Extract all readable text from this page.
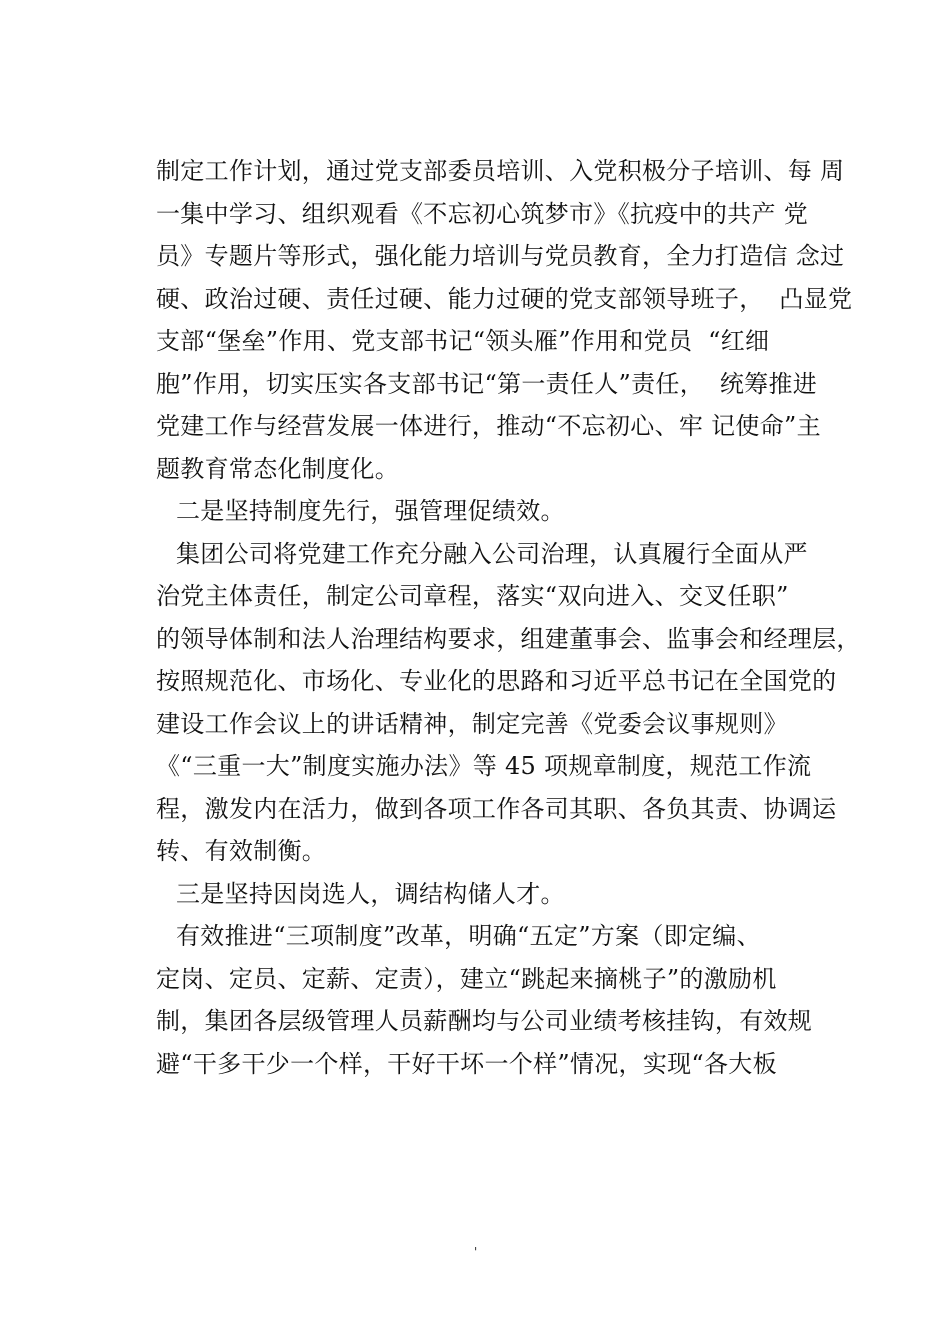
制定工作计划，通过党支部委员培训、入党积极分子培训、每 周
一集中学习、组织观看《不忘初心筑梦市》《抗疫中的共产 党
员》专题片等形式，强化能力培训与党员教育，全力打造信 念过
硬、政治过硬、责任过硬、能力过硬的党支部领导班子，  凸显党
支部“堡垒”作用、党支部书记“领头雁”作用和党员  “红细
胞”作用，切实压实各支部书记“第一责任人”责任，  统筹推进
党建工作与经营发展一体进行，推动“不忘初心、牢 记使命”主
题教育常态化制度化。
二是坚持制度先行，强管理促绩效。
集团公司将党建工作充分融入公司治理，认真履行全面从严
治党主体责任，制定公司章程，落实“双向进入、交叉任职”
的领导体制和法人治理结构要求，组建董事会、监事会和经理层，
按照规范化、市场化、专业化的思路和习近平总书记在全国党的
建设工作会议上的讲话精神，制定完善《党委会议事规则》
《“三重一大”制度实施办法》等 45 项规章制度，规范工作流
程，激发内在活力，做到各项工作各司其职、各负其责、协调运
转、有效制衡。
三是坚持因岗选人，调结构储人才。
有效推进“三项制度”改革，明确“五定”方案（即定编、
定岗、定员、定薪、定责），建立“跳起来摘桃子”的激励机
制，集团各层级管理人员薪酬均与公司业绩考核挂钩，有效规
避“干多干少一个样，干好干坏一个样”情况，实现“各大板
'
